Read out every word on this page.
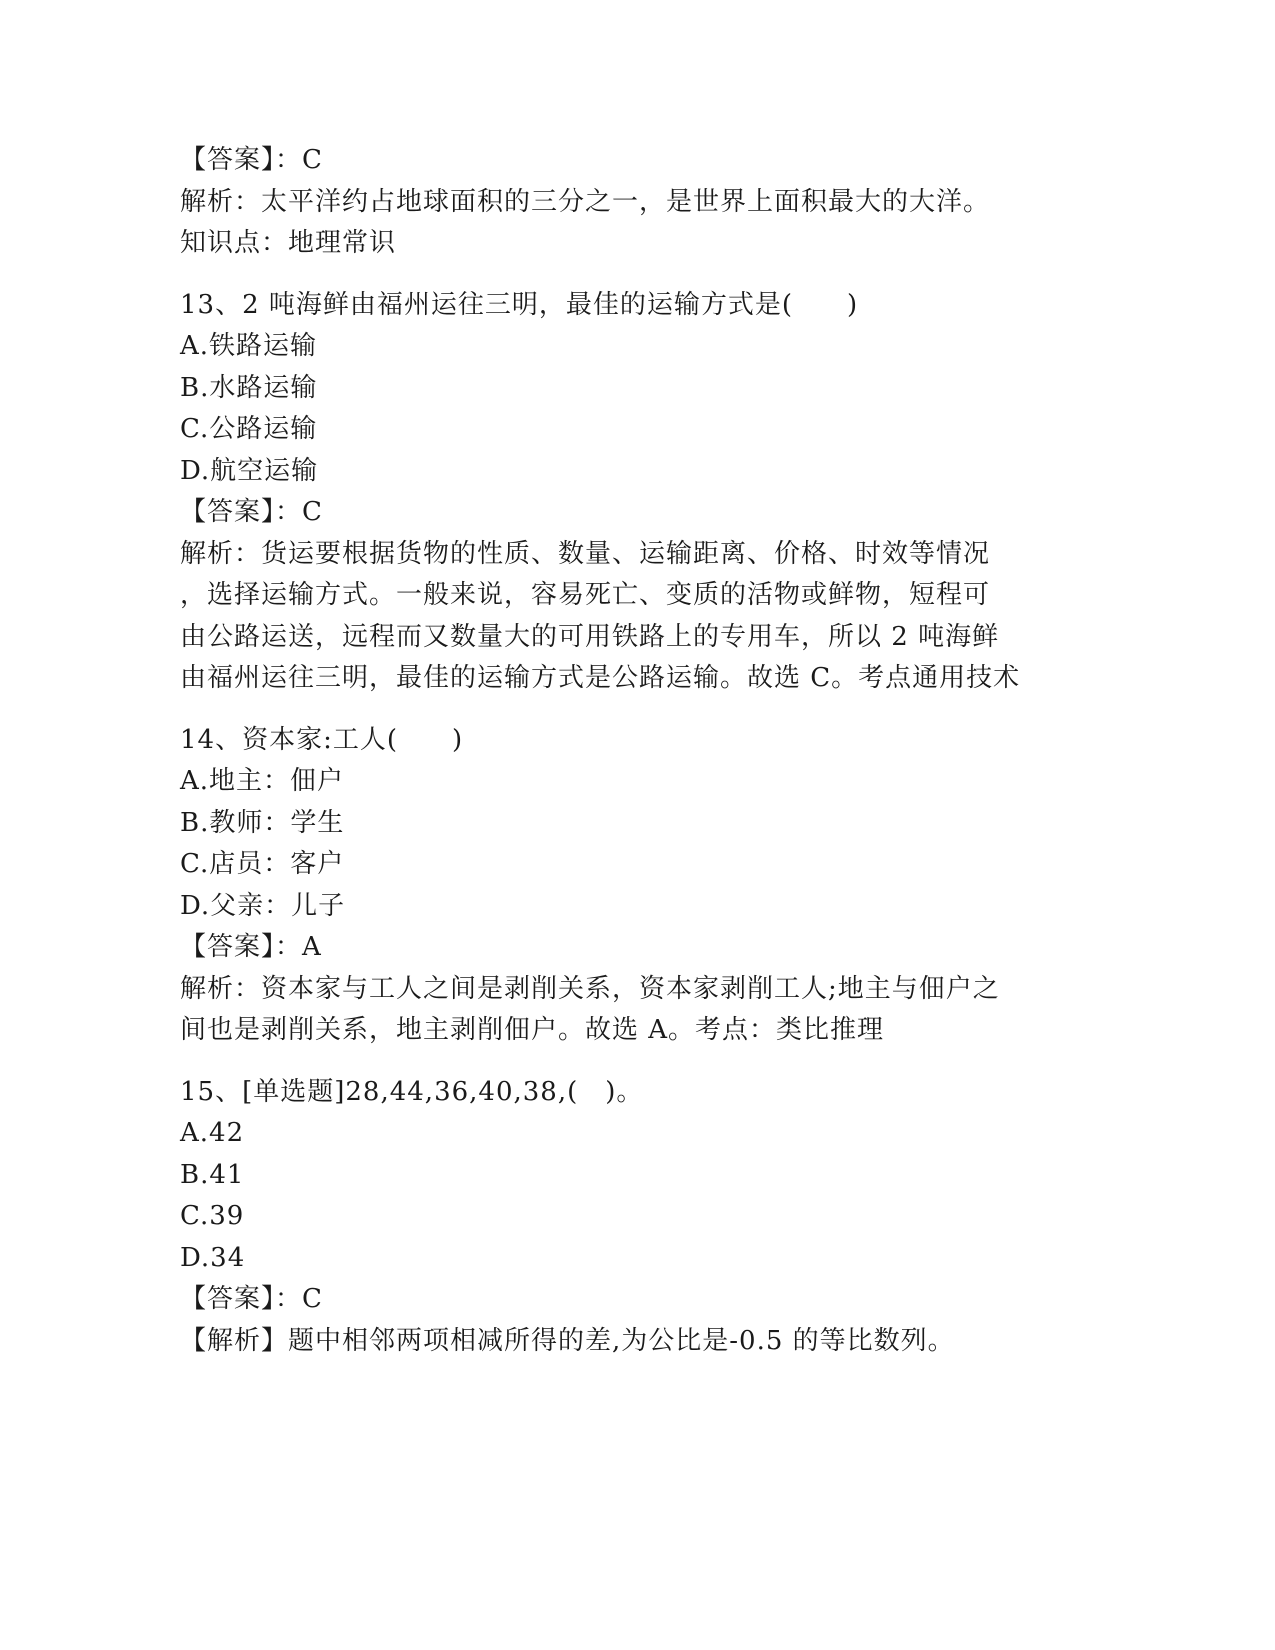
【答案】：C
解析：太平洋约占地球面积的三分之一，是世界上面积最大的大洋。
知识点：地理常识
13、2 吨海鲜由福州运往三明，最佳的运输方式是(　　)
A.铁路运输
B.水路运输
C.公路运输
D.航空运输
【答案】：C
解析：货运要根据货物的性质、数量、运输距离、价格、时效等情况
，选择运输方式。一般来说，容易死亡、变质的活物或鲜物，短程可
由公路运送，远程而又数量大的可用铁路上的专用车，所以 2 吨海鲜
由福州运往三明，最佳的运输方式是公路运输。故选 C。考点通用技术
14、资本家:工人(　　)
A.地主：佃户
B.教师：学生
C.店员：客户
D.父亲：儿子
【答案】：A
解析：资本家与工人之间是剥削关系，资本家剥削工人;地主与佃户之
间也是剥削关系，地主剥削佃户。故选 A。考点：类比推理
15、[单选题]28,44,36,40,38,(　)。
A.42
B.41
C.39
D.34
【答案】：C
【解析】题中相邻两项相减所得的差,为公比是-0.5 的等比数列。
